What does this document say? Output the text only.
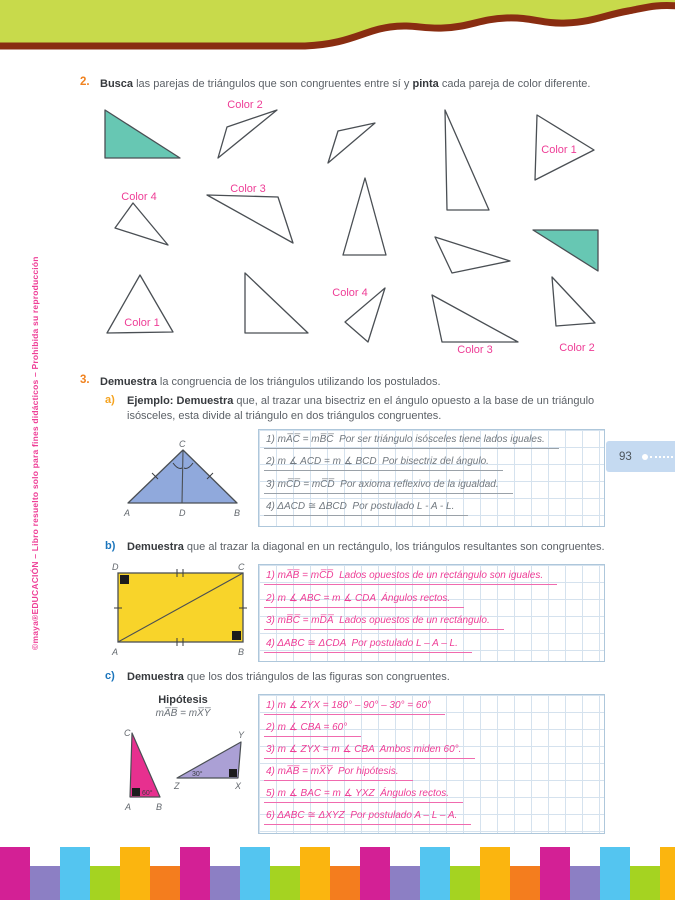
©maya®EDUCACIÓN – Libro resuelto solo para fines didácticos – Prohibida su reproducción
2. Busca las parejas de triángulos que son congruentes entre sí y pinta cada pareja de color diferente.
Color 2
Color 1
Color 4
Color 3
Color 1
Color 4
Color 3	Color 2
3. Demuestra la congruencia de los triángulos utilizando los postulados.
a) Ejemplo: Demuestra que, al trazar una bisectriz en el ángulo opuesto a la base de un triángulo isósceles, esta divide al triángulo en dos triángulos congruentes.
A	D	B
C	1) mA̅C̅ = mB̅C̅  Por ser triángulo isósceles tiene lados iguales.
2) m ∡ ACD = m ∡ BCD  Por bisectriz del ángulo.
3) mC̅D̅ = mC̅D̅  Por axioma reflexivo de la igualdad.
4) ΔACD ≅ ΔBCD  Por postulado L - A - L.
b) Demuestra que al trazar la diagonal en un rectángulo, los triángulos resultantes son congruentes.
D	C
A	B
1) mA̅B̅ = mC̅D̅  Lados opuestos de un rectángulo son iguales.
2) m ∡ ABC = m ∡ CDA  Ángulos rectos.
3) mB̅C̅ = mD̅A̅  Lados opuestos de un rectángulo.
4) ΔABC ≅ ΔCDA  Por postulado L – A – L.
c) Demuestra que los dos triángulos de las figuras son congruentes.
Hipótesis
mA̅B̅ = mX̅Y̅
60°
C
A	B
30°
Y
Z	X
1) m ∡ ZYX = 180° – 90° – 30° = 60°
2) m ∡ CBA = 60°
3) m ∡ ZYX = m ∡ CBA  Ambos miden 60°.
4) mA̅B̅ = mX̅Y̅  Por hipótesis.
5) m ∡ BAC = m ∡ YXZ  Ángulos rectos.
6) ΔABC ≅ ΔXYZ  Por postulado A – L – A.
93
